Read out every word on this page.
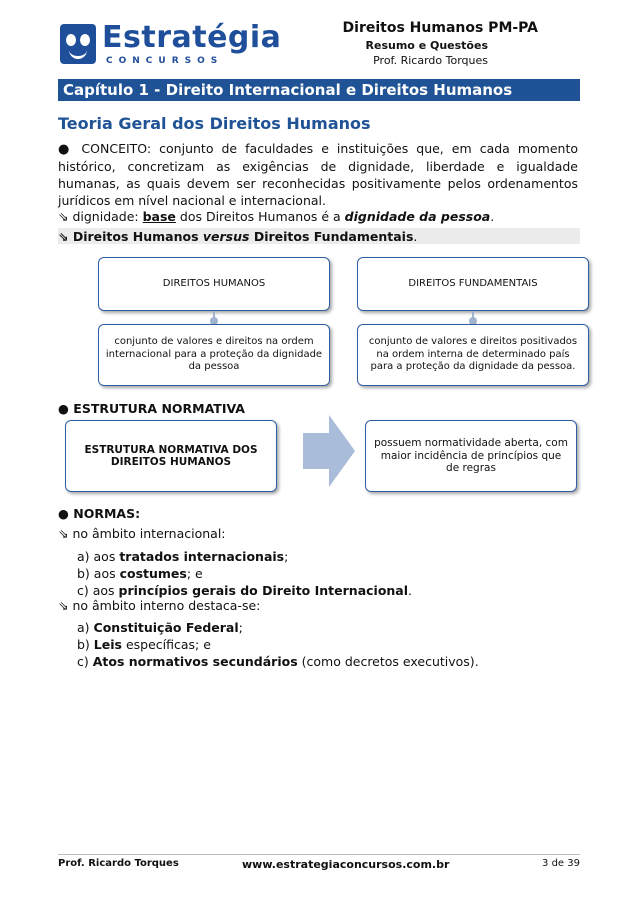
Estratégia
CONCURSOS
Direitos Humanos PM-PA
Resumo e Questões
Prof. Ricardo Torques
Capítulo 1 - Direito Internacional e Direitos Humanos
Teoria Geral dos Direitos Humanos
● CONCEITO: conjunto de faculdades e instituições que, em cada momento histórico, concretizam as exigências de dignidade, liberdade e igualdade humanas, as quais devem ser reconhecidas positivamente pelos ordenamentos jurídicos em nível nacional e internacional.
⇘ dignidade: base dos Direitos Humanos é a dignidade da pessoa.
⇘ Direitos Humanos versus Direitos Fundamentais.
DIREITOS HUMANOS
conjunto de valores e direitos na ordem internacional para a proteção da dignidade da pessoa
DIREITOS FUNDAMENTAIS
conjunto de valores e direitos positivados na ordem interna de determinado país para a proteção da dignidade da pessoa.
● ESTRUTURA NORMATIVA
ESTRUTURA NORMATIVA DOS DIREITOS HUMANOS
possuem normatividade aberta, com maior incidência de princípios que de regras
● NORMAS:
⇘ no âmbito internacional:
a) aos tratados internacionais;
b) aos costumes; e
c) aos princípios gerais do Direito Internacional.
⇘ no âmbito interno destaca-se:
a) Constituição Federal;
b) Leis específicas; e
c) Atos normativos secundários (como decretos executivos).
Prof. Ricardo Torques	www.estrategiaconcursos.com.br	3 de 39
